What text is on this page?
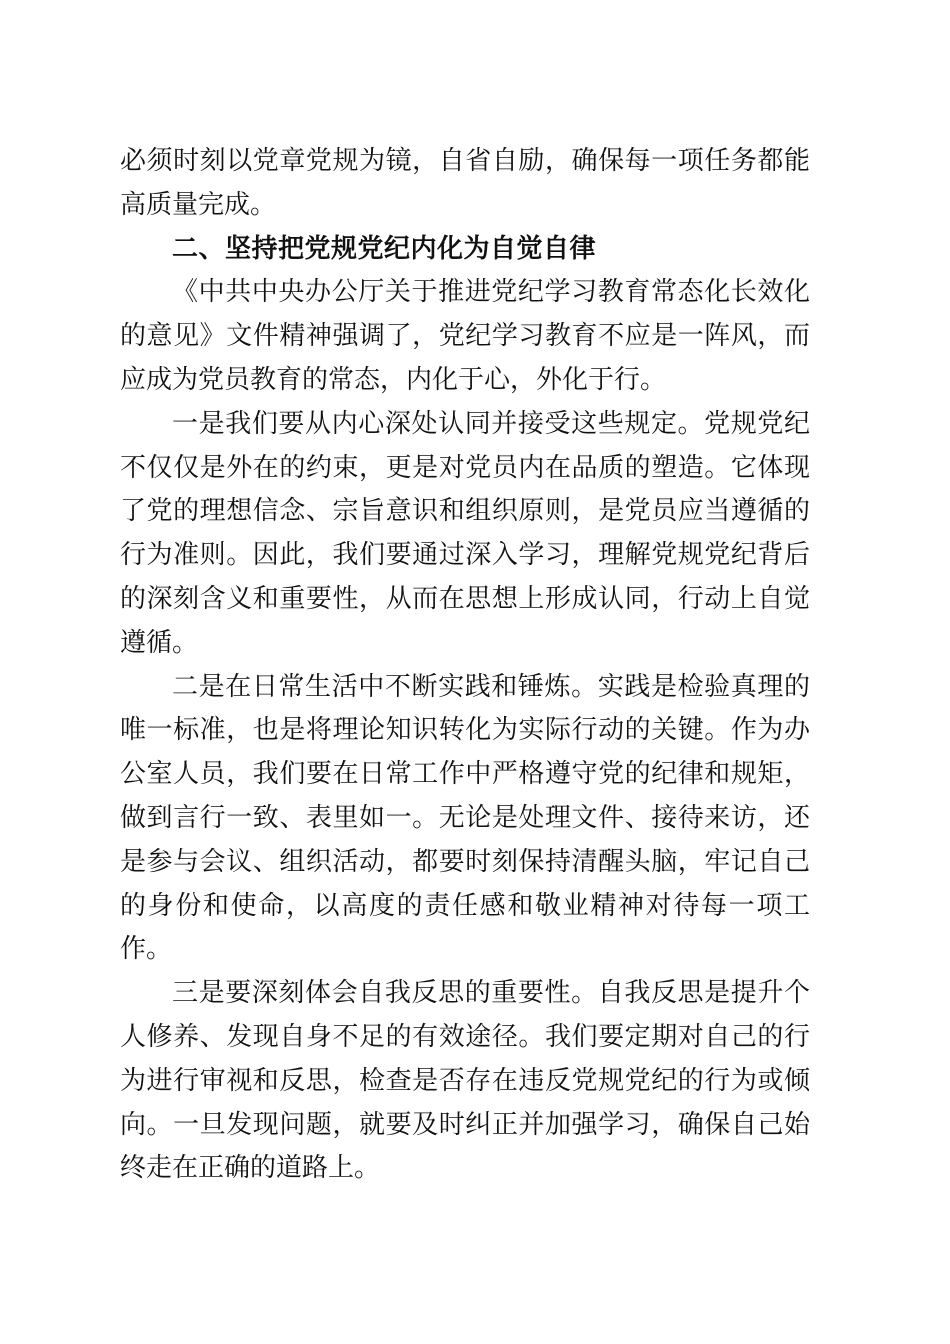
必须时刻以党章党规为镜，自省自励，确保每一项任务都能高质量完成。

二、坚持把党规党纪内化为自觉自律

《中共中央办公厅关于推进党纪学习教育常态化长效化的意见》文件精神强调了，党纪学习教育不应是一阵风，而应成为党员教育的常态，内化于心，外化于行。

一是我们要从内心深处认同并接受这些规定。党规党纪不仅仅是外在的约束，更是对党员内在品质的塑造。它体现了党的理想信念、宗旨意识和组织原则，是党员应当遵循的行为准则。因此，我们要通过深入学习，理解党规党纪背后的深刻含义和重要性，从而在思想上形成认同，行动上自觉遵循。

二是在日常生活中不断实践和锤炼。实践是检验真理的唯一标准，也是将理论知识转化为实际行动的关键。作为办公室人员，我们要在日常工作中严格遵守党的纪律和规矩，做到言行一致、表里如一。无论是处理文件、接待来访，还是参与会议、组织活动，都要时刻保持清醒头脑，牢记自己的身份和使命，以高度的责任感和敬业精神对待每一项工作。

三是要深刻体会自我反思的重要性。自我反思是提升个人修养、发现自身不足的有效途径。我们要定期对自己的行为进行审视和反思，检查是否存在违反党规党纪的行为或倾向。一旦发现问题，就要及时纠正并加强学习，确保自己始终走在正确的道路上。
